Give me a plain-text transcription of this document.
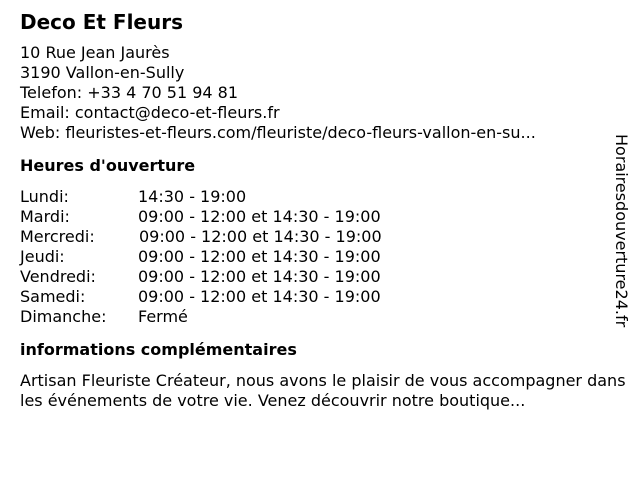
Deco Et Fleurs
10 Rue Jean Jaurès
3190 Vallon-en-Sully
Telefon: +33 4 70 51 94 81
Email: contact@deco-et-fleurs.fr
Web: fleuristes-et-fleurs.com/fleuriste/deco-fleurs-vallon-en-su...
Heures d'ouverture
Lundi:	14:30 - 19:00
Mardi:	09:00 - 12:00 et 14:30 - 19:00
Mercredi:	09:00 - 12:00 et 14:30 - 19:00
Jeudi:	09:00 - 12:00 et 14:30 - 19:00
Vendredi:	09:00 - 12:00 et 14:30 - 19:00
Samedi:	09:00 - 12:00 et 14:30 - 19:00
Dimanche:	Fermé
informations complémentaires
Artisan Fleuriste Créateur, nous avons le plaisir de vous accompagner dans les événements de votre vie. Venez découvrir notre boutique...
Horairesdouverture24.fr
